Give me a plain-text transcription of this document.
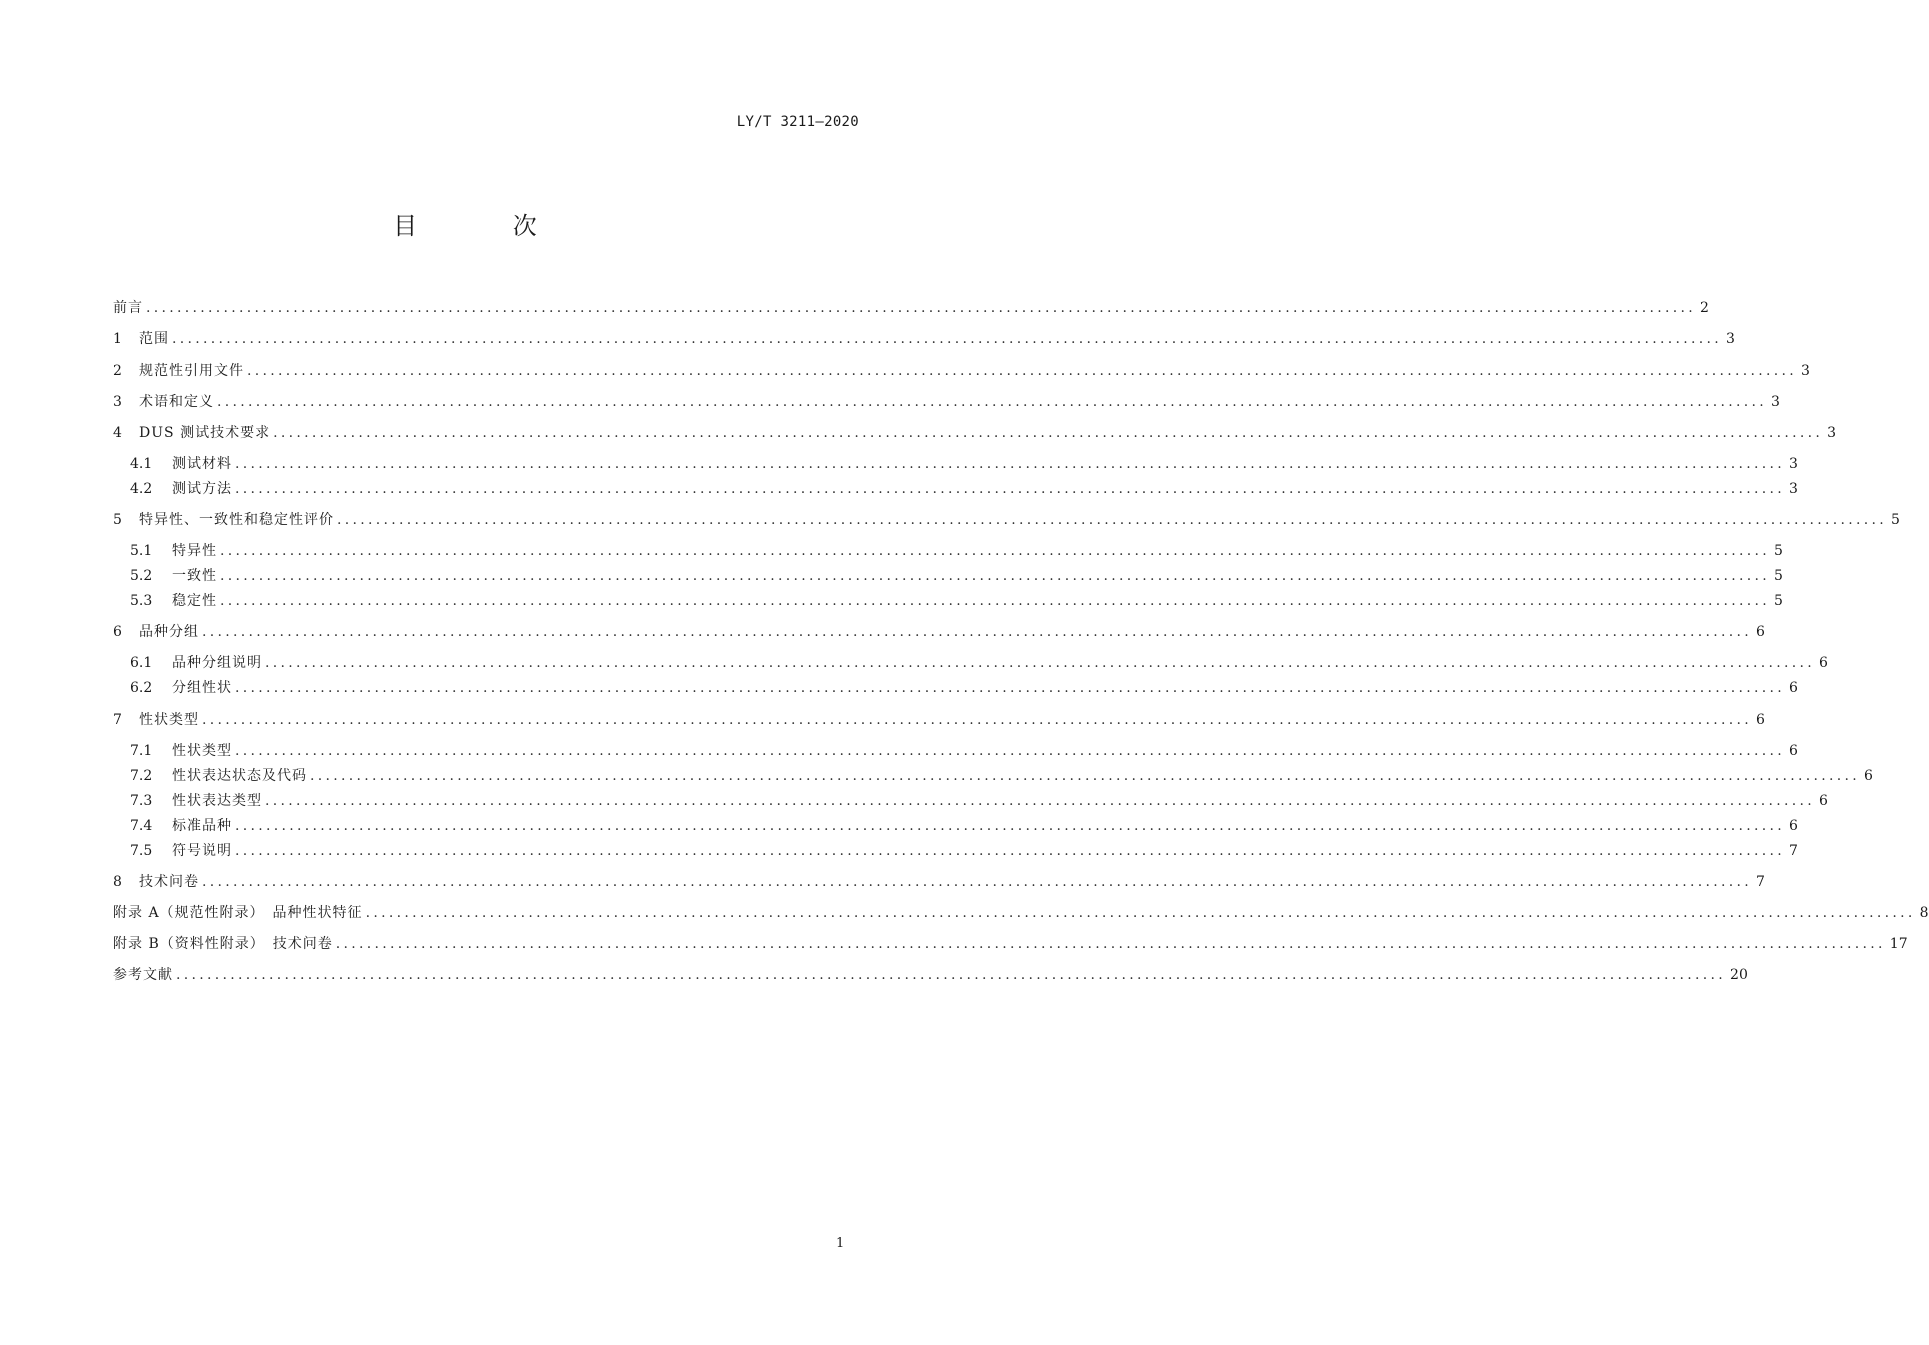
LY/T 3211—2020
目 次
前言 ........................................................................................................................................................................................................ 2
1	范围 ........................................................................................................................................................................................................ 3
2	规范性引用文件 ........................................................................................................................................................................................................ 3
3	术语和定义 ........................................................................................................................................................................................................ 3
4	DUS 测试技术要求 ........................................................................................................................................................................................................ 3
4.1	测试材料 ........................................................................................................................................................................................................ 3
4.2	测试方法 ........................................................................................................................................................................................................ 3
5	特异性、一致性和稳定性评价 ........................................................................................................................................................................................................ 5
5.1	特异性 ........................................................................................................................................................................................................ 5
5.2	一致性 ........................................................................................................................................................................................................ 5
5.3	稳定性 ........................................................................................................................................................................................................ 5
6	品种分组 ........................................................................................................................................................................................................ 6
6.1	品种分组说明 ........................................................................................................................................................................................................ 6
6.2	分组性状 ........................................................................................................................................................................................................ 6
7	性状类型 ........................................................................................................................................................................................................ 6
7.1	性状类型 ........................................................................................................................................................................................................ 6
7.2	性状表达状态及代码 ........................................................................................................................................................................................................ 6
7.3	性状表达类型 ........................................................................................................................................................................................................ 6
7.4	标准品种 ........................................................................................................................................................................................................ 6
7.5	符号说明 ........................................................................................................................................................................................................ 7
8	技术问卷 ........................................................................................................................................................................................................ 7
附录 A（规范性附录）　品种性状特征 ........................................................................................................................................................................................................ 8
附录 B（资料性附录）　技术问卷 ........................................................................................................................................................................................................ 17
参考文献 ........................................................................................................................................................................................................ 20
1
